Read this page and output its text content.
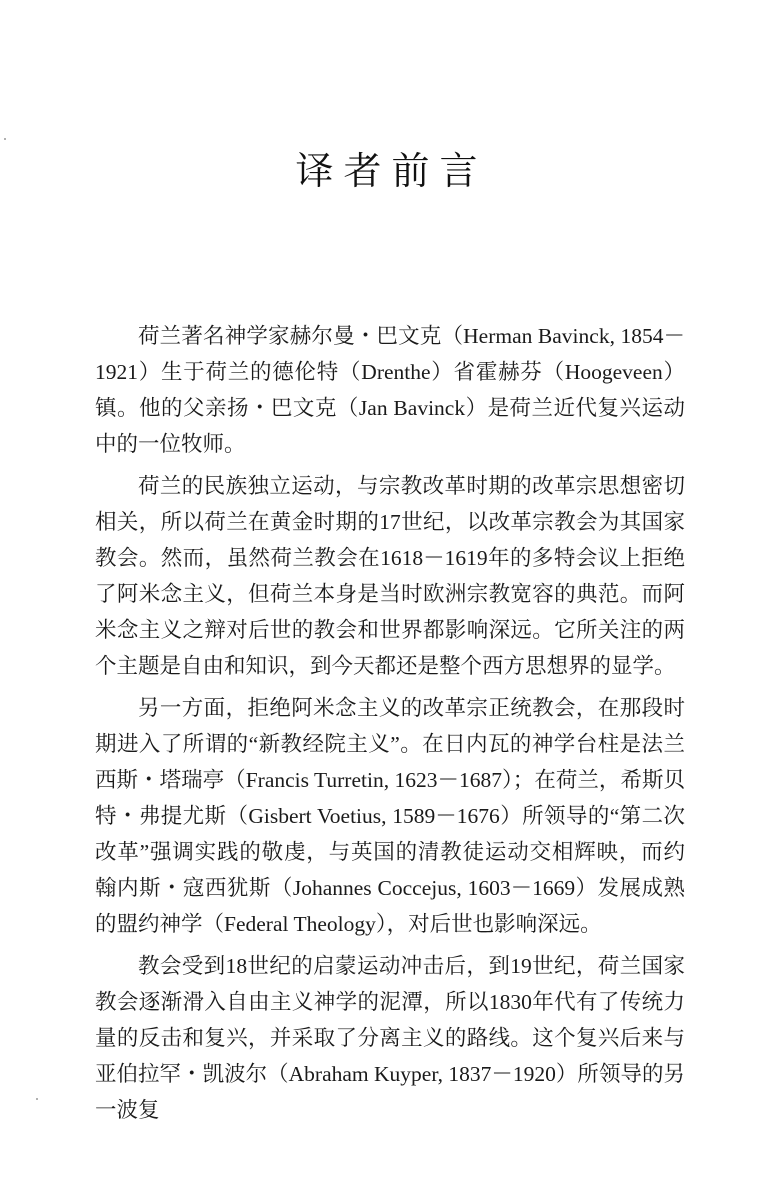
译者前言

荷兰著名神学家赫尔曼・巴文克（Herman Bavinck, 1854－1921）生于荷兰的德伦特（Drenthe）省霍赫芬（Hoogeveen）镇。他的父亲扬・巴文克（Jan Bavinck）是荷兰近代复兴运动中的一位牧师。

荷兰的民族独立运动，与宗教改革时期的改革宗思想密切相关，所以荷兰在黄金时期的17世纪，以改革宗教会为其国家教会。然而，虽然荷兰教会在1618－1619年的多特会议上拒绝了阿米念主义，但荷兰本身是当时欧洲宗教宽容的典范。而阿米念主义之辩对后世的教会和世界都影响深远。它所关注的两个主题是自由和知识，到今天都还是整个西方思想界的显学。

另一方面，拒绝阿米念主义的改革宗正统教会，在那段时期进入了所谓的“新教经院主义”。在日内瓦的神学台柱是法兰西斯・塔瑞亭（Francis Turretin, 1623－1687）；在荷兰，希斯贝特・弗提尤斯（Gisbert Voetius, 1589－1676）所领导的“第二次改革”强调实践的敬虔，与英国的清教徒运动交相辉映，而约翰内斯・寇西犹斯（Johannes Coccejus, 1603－1669）发展成熟的盟约神学（Federal Theology），对后世也影响深远。

教会受到18世纪的启蒙运动冲击后，到19世纪，荷兰国家教会逐渐滑入自由主义神学的泥潭，所以1830年代有了传统力量的反击和复兴，并采取了分离主义的路线。这个复兴后来与亚伯拉罕・凯波尔（Abraham Kuyper, 1837－1920）所领导的另一波复
